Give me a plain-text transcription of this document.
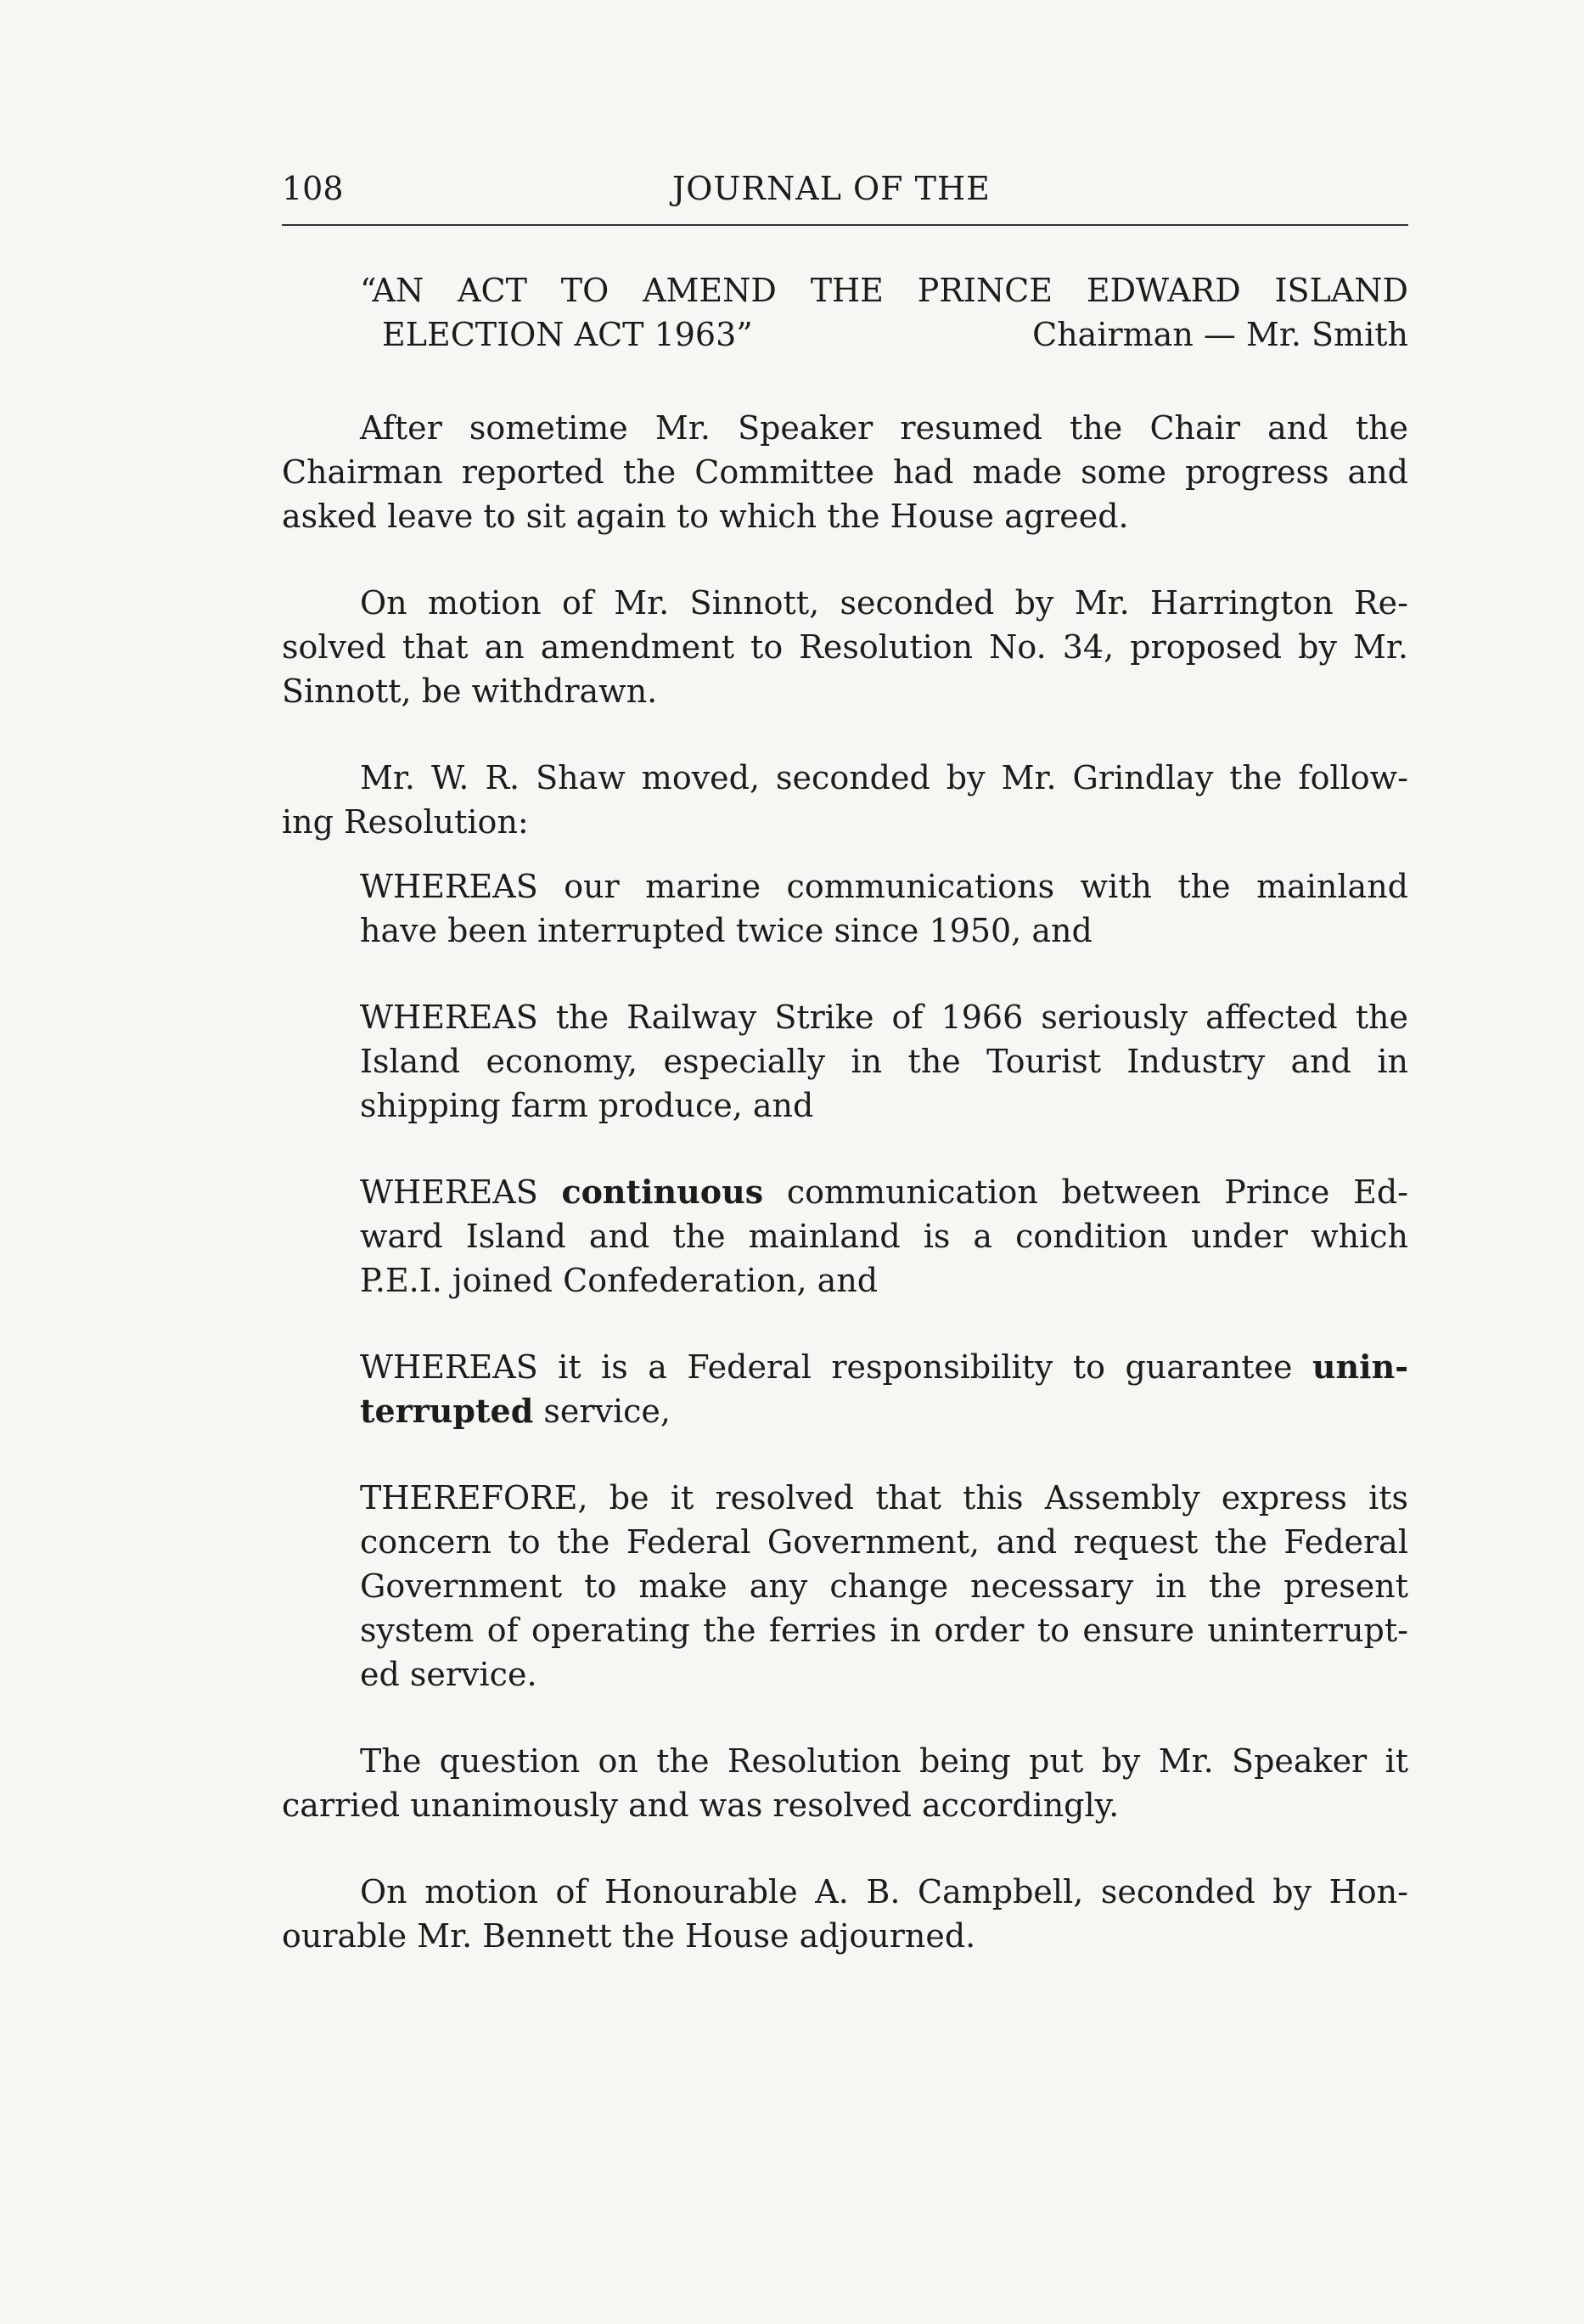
108	JOURNAL OF THE
“AN ACT TO AMEND THE PRINCE EDWARD ISLAND
ELECTION ACT 1963”	Chairman — Mr. Smith
After sometime Mr. Speaker resumed the Chair and the
Chairman reported the Committee had made some progress and
asked leave to sit again to which the House agreed.
On motion of Mr. Sinnott, seconded by Mr. Harrington Re-
solved that an amendment to Resolution No. 34, proposed by Mr.
Sinnott, be withdrawn.
Mr. W. R. Shaw moved, seconded by Mr. Grindlay the follow-
ing Resolution:
WHEREAS our marine communications with the mainland
have been interrupted twice since 1950, and
WHEREAS the Railway Strike of 1966 seriously affected the
Island economy, especially in the Tourist Industry and in
shipping farm produce, and
WHEREAS continuous communication between Prince Ed-
ward Island and the mainland is a condition under which
P.E.I. joined Confederation, and
WHEREAS it is a Federal responsibility to guarantee unin-
terrupted service,
THEREFORE, be it resolved that this Assembly express its
concern to the Federal Government, and request the Federal
Government to make any change necessary in the present
system of operating the ferries in order to ensure uninterrupt-
ed service.
The question on the Resolution being put by Mr. Speaker it
carried unanimously and was resolved accordingly.
On motion of Honourable A. B. Campbell, seconded by Hon-
ourable Mr. Bennett the House adjourned.
